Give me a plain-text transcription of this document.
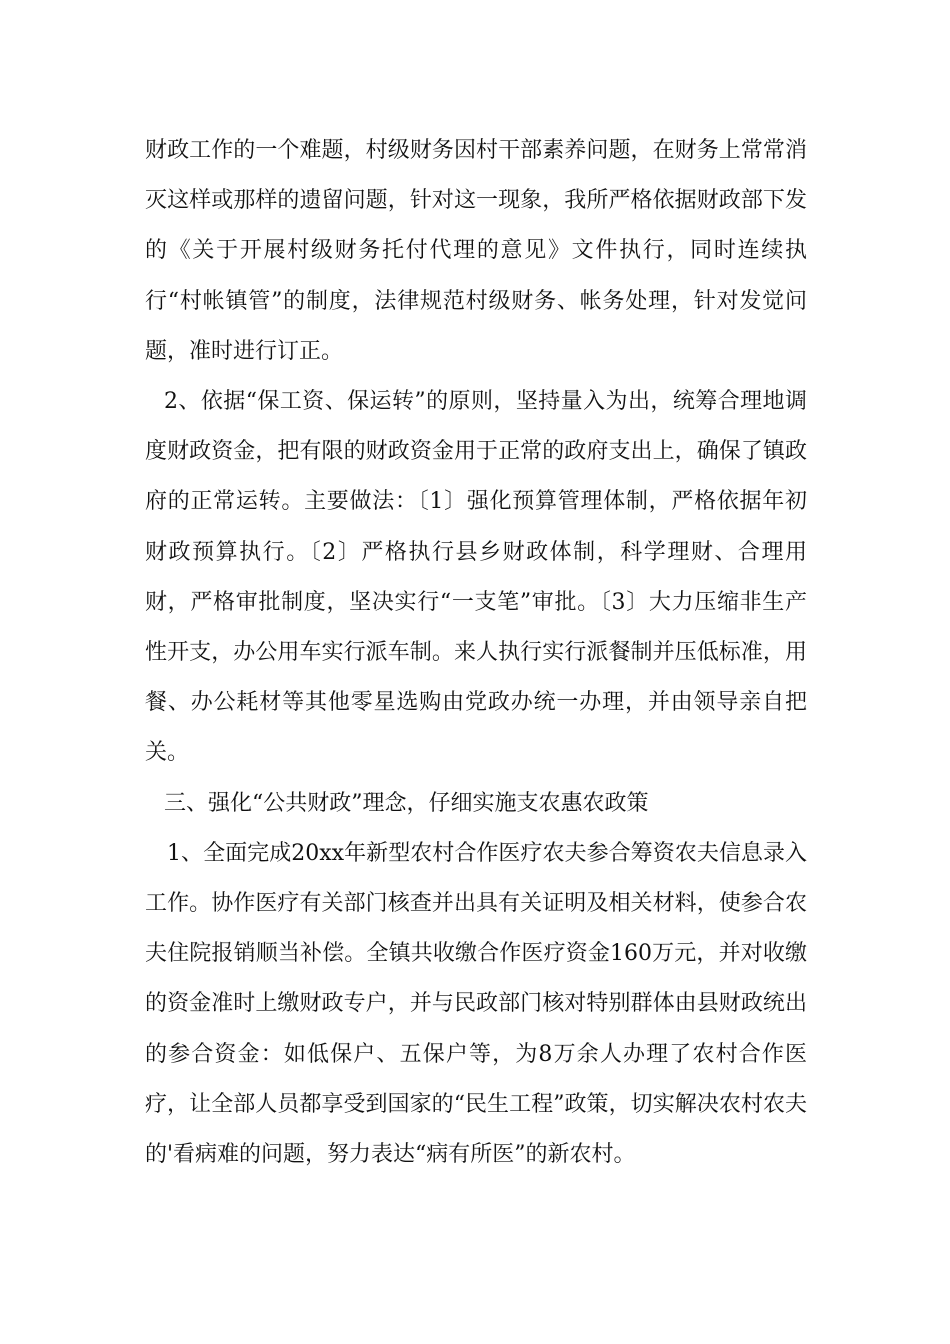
财政工作的一个难题，村级财务因村干部素养问题，在财务上常常消灭这样或那样的遗留问题，针对这一现象，我所严格依据财政部下发的《关于开展村级财务托付代理的意见》文件执行，同时连续执行“村帐镇管”的制度，法律规范村级财务、帐务处理，针对发觉问题，准时进行订正。

2、依据“保工资、保运转”的原则，坚持量入为出，统筹合理地调度财政资金，把有限的财政资金用于正常的政府支出上，确保了镇政府的正常运转。主要做法：〔1〕强化预算管理体制，严格依据年初财政预算执行。〔2〕严格执行县乡财政体制，科学理财、合理用财，严格审批制度，坚决实行“一支笔”审批。〔3〕大力压缩非生产性开支，办公用车实行派车制。来人执行实行派餐制并压低标准，用餐、办公耗材等其他零星选购由党政办统一办理，并由领导亲自把关。

三、强化“公共财政”理念，仔细实施支农惠农政策

1、全面完成20xx年新型农村合作医疗农夫参合筹资农夫信息录入工作。协作医疗有关部门核查并出具有关证明及相关材料，使参合农夫住院报销顺当补偿。全镇共收缴合作医疗资金160万元，并对收缴的资金准时上缴财政专户，并与民政部门核对特别群体由县财政统出的参合资金：如低保户、五保户等，为8万余人办理了农村合作医疗，让全部人员都享受到国家的“民生工程”政策，切实解决农村农夫的'看病难的问题，努力表达“病有所医”的新农村。
